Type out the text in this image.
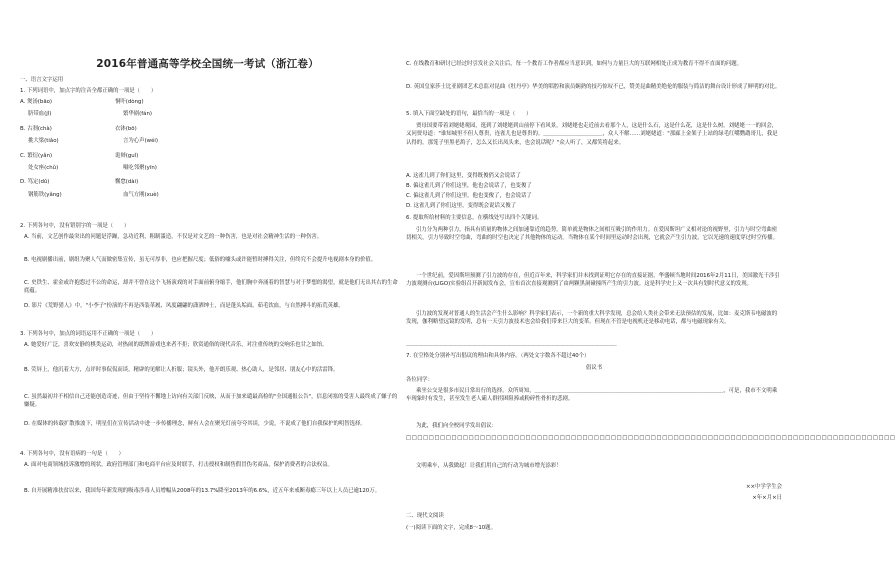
2016年普通高等学校全国统一考试（浙江卷）
一、语言文字运用
1. 下列词语中，加点字的注音全都正确的一项是（　　）
A. 煲汤(bāo)	恫吓(dòng)
脐带血(jǐ)	繁华剧(fán)
B. 古刹(chà)	衣钵(bō)
挑大梁(tiǎo)	言为心声(wéi)
C. 繁衍(yǎn)	诡辩(guǐ)
处女座(chǔ)	嗫吃邻聚(yīn)
D. 笃定(dǔ)	懈怠(dài)
钢筋铁(yǎng)	血气方刚(xuè)
2. 下列各句中，没有错别字的一项是（　　）
A. 当前，文艺创作最突出的问题是浮躁，急功近利，粗制滥造，不仅是对文艺的一种伤害，也是对社会精神生活的一种伤害。
B. 电视剧播出前，剧组为聚人气而做密集宣传，虽无可厚非，也应把握尺度；低俗的噱头或许能暂时搏得关注，但终究不会提升电视剧本身的价值。
C. 史铁生、霍金或许抱怨过不公的命运，却并不曾在这个飞扬演戏的对手面前俯身缩手，他们胸中奔涌着的智慧与对于梦想的渴望，就是他们无出其右的生命底蕴。
D. 影片《荒野猎人》中，"小李子"扮演的不再是西装革履、风度翩翩的潇洒绅士，而是蓬头垢面、茹毛饮血，与自然搏斗的拓荒英雄。
3. 下列各句中，加点的词语运用不正确的一项是（　　）
A. 她爱好广泛，喜欢安静的棋类运动，对热闹的纸牌游戏也来者不拒；欣赏通俗的现代音乐，对注重传统的交响乐也甘之如饴。
B. 荧屏上，他沉着大方，点评时事侃侃而谈，精辟的见解让人折服；镜头外，他开朗乐观、热心助人，是邻居、朋友心中的活雷锋。
C. 虽然最初并不相信自己还能创造奇迹，但由于坚持不懈地上访向有关部门反映，从而于加来谴最高检的"全国通报公告"，信息闭塞的受害人最终成了嫌子的嫌疑。
D. 在媒体的转载扩散推波下，明星们在宣传活动中进一步传播理念，鲜有人会在聚光灯前夸夸其谈，少说，不说成了他们自我保护的明智选择。
4. 下列各句中，没有语病的一句是（　　）
A. 面对电商领域投诉激增的现状，政府管理部门和电商平台应及时联手，打击授权和制售假冒伪劣商品，保护消费者的合法权益。
B. 自开展精准扶贫以来，我国每年新发现的吸毒涉毒人员增幅从2008年的13.7%降至2013年的6.6%，近五年来戒断毒瘾三年以上人员已逾120万。
C. 在线教育和研讨已经过时引发社会关注后，每一个教育工作者都应当意识到，如何与力量巨大的互联网相处正成为教育不得不直面的问题。
D. 英国皇家莎士比亚剧团艺术总监对昆曲《牡丹亭》华美的唱腔和演员娴熟的技巧惊叹不已，赞美昆曲精美绝伦的服装与简洁的舞台设计形成了鲜明的对比。
5. 填入下面空缺处的语句，最恰当的一项是（　　）
贾母国要带着刘姥姥观园，逛到了刘姥姥到山前停下看风景，刘姥姥也走近前去看那个人，这是什么石，这是什么花，这是什么树。刘姥姥一一的回会，又问贾母道："谁知城里不但人尊贵，连雀儿也是尊贵的。＿＿＿＿＿＿＿＿＿＿＿，众人不解……刘姥姥道："那廊上金架子上站的绿毛红嘴鹦鹉哥儿，我是认得的。那笼子里黑老鸹子，怎么又长出凤头来，也会说话呢？"众人听了，又都笑将起来。
A. 这雀儿到了你们这里，变得既俊俏又会说话了
B. 偏这雀儿到了你们这里，他也会说话了，也变俊了
C. 偏这雀儿到了你们这里，他也变俊了，也会说话了
D. 这雀儿到了你们这里，变得既会说话又俊了
6. 提取所给材料的主要信息，在横线处写出四个关键词。
引力分为两种引力，指具有质量的物体之间加速靠近的趋势，简单就是物体之间相互吸引的作用力。在爱因斯坦广义相对论的视野里，引力与时空弯曲密切相关，引力导致时空弯曲，弯曲的时空也决定了其他物体的运动。当物体在某个时间里运动时会出现，它就会产生引力波，它以光速的速度穿过时空传播。
一个世纪前，爱因斯坦预测了引力波的存在，但近百年来，科学家们并未找到证明它存在的直接证据。华盛顿当地时间2016年2月11日，美国激光干涉引力波观测台(LIGO)实验组召开新闻发布会，宣布首次直接观测到了由两颗黑洞碰撞所产生的引力波。这是科学史上又一次具有划时代意义的发现。
引力波的发现对普通人的生活会产生什么影响？科学家们表示，一个新的重大科学发现，总会给人类社会带来无法预估的发展，比如：麦克斯韦电磁波的发现，伽利略望远镜的发明，总有一天引力波技术也会给我们带来巨大的变革。但现在不管是电视机还是移动电话，都与电磁现象有关。
＿＿＿＿＿＿＿＿＿＿＿＿＿＿＿＿＿＿＿＿＿＿＿＿＿＿＿＿＿＿＿＿＿＿＿＿＿＿＿＿＿＿＿
7. 在空格处分别补写出倡议的理由和具体内容。（两处文字数各不超过40个）
倡议书
各位同学：
乘坐公交是很多市民日常出行的选择。众所周知，＿＿＿＿＿＿＿＿＿＿＿＿＿＿＿＿＿＿＿＿＿＿＿＿＿＿＿＿＿＿＿＿＿＿＿，可是，我市不文明乘车现象时有发生，甚至发生老人霸人群拐困阻捧或粉碎性骨折的悲剧。
为此，我们向全校同学发出倡议：
□□□□□□□□□□□□□□□□□□□□□□□□□□□□□□□□□□□□□□□□□□□□□□□□□□□□□□□□□□□□□□□□□□□□□□□□□□□□□□□□□□□□□□
文明乘车，从我做起！让我们用自己的行动为城市增光添彩！
××中学学生会
×年×月×日
二、现代文阅读
(一)阅读下面的文字，完成8～10题。
